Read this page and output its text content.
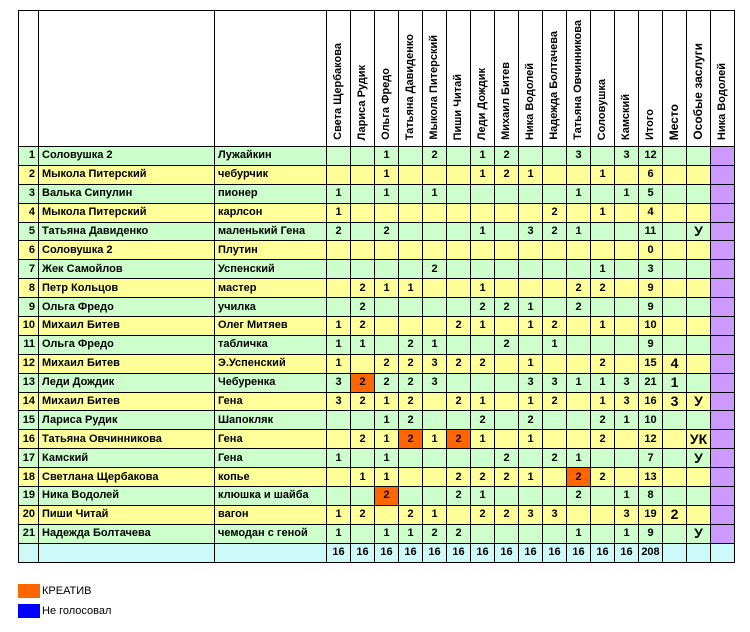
			Света Щербакова	Лариса Рудик	Ольга Фредо	Татьяна Давиденко	Мыкола Питерский	Пиши Читай	Леди Дождик	Михаил Битев	Ника Водолей	Надежда Болтачева	Татьяна Овчинникова	Соловушка	Камский	Итого	Место	Особые заслуги	Ника Водолей
1	Соловушка 2	Лужайкин			1		2		1	2			3		3	12			
2	Мыкола Питерский	чебурчик			1				1	2	1			1		6			
3	Валька Сипулин	пионер	1		1		1						1		1	5			
4	Мыкола Питерский	карлсон	1									2		1		4			
5	Татьяна Давиденко	маленький Гена	2		2				1		3	2	1			11		У	
6	Соловушка 2	Плутин														0			
7	Жек Самойлов	Успенский					2							1		3			
8	Петр Кольцов	мастер		2	1	1			1				2	2		9			
9	Ольга Фредо	училка		2					2	2	1		2			9			
10	Михаил Битев	Олег Митяев	1	2				2	1		1	2		1		10			
11	Ольга Фредо	табличка	1	1		2	1			2		1				9			
12	Михаил Битев	Э.Успенский	1		2	2	3	2	2		1			2		15	4		
13	Леди Дождик	Чебуренка	3	2	2	2	3				3	3	1	1	3	21	1		
14	Михаил Битев	Гена	3	2	1	2		2	1		1	2		1	3	16	3	У	
15	Лариса Рудик	Шапокляк			1	2			2		2			2	1	10			
16	Татьяна Овчинникова	Гена		2	1	2	1	2	1		1			2		12		УК	
17	Камский	Гена	1		1					2		2	1			7		У	
18	Светлана Щербакова	копье		1	1			2	2	2	1		2	2		13			
19	Ника Водолей	клюшка и шайба			2			2	1				2		1	8			
20	Пиши Читай	вагон	1	2		2	1		2	2	3	3			3	19	2		
21	Надежда Болтачева	чемодан с геной	1		1	1	2	2					1		1	9		У	
			16	16	16	16	16	16	16	16	16	16	16	16	16	208			
КРЕАТИВ
Не голосовал
